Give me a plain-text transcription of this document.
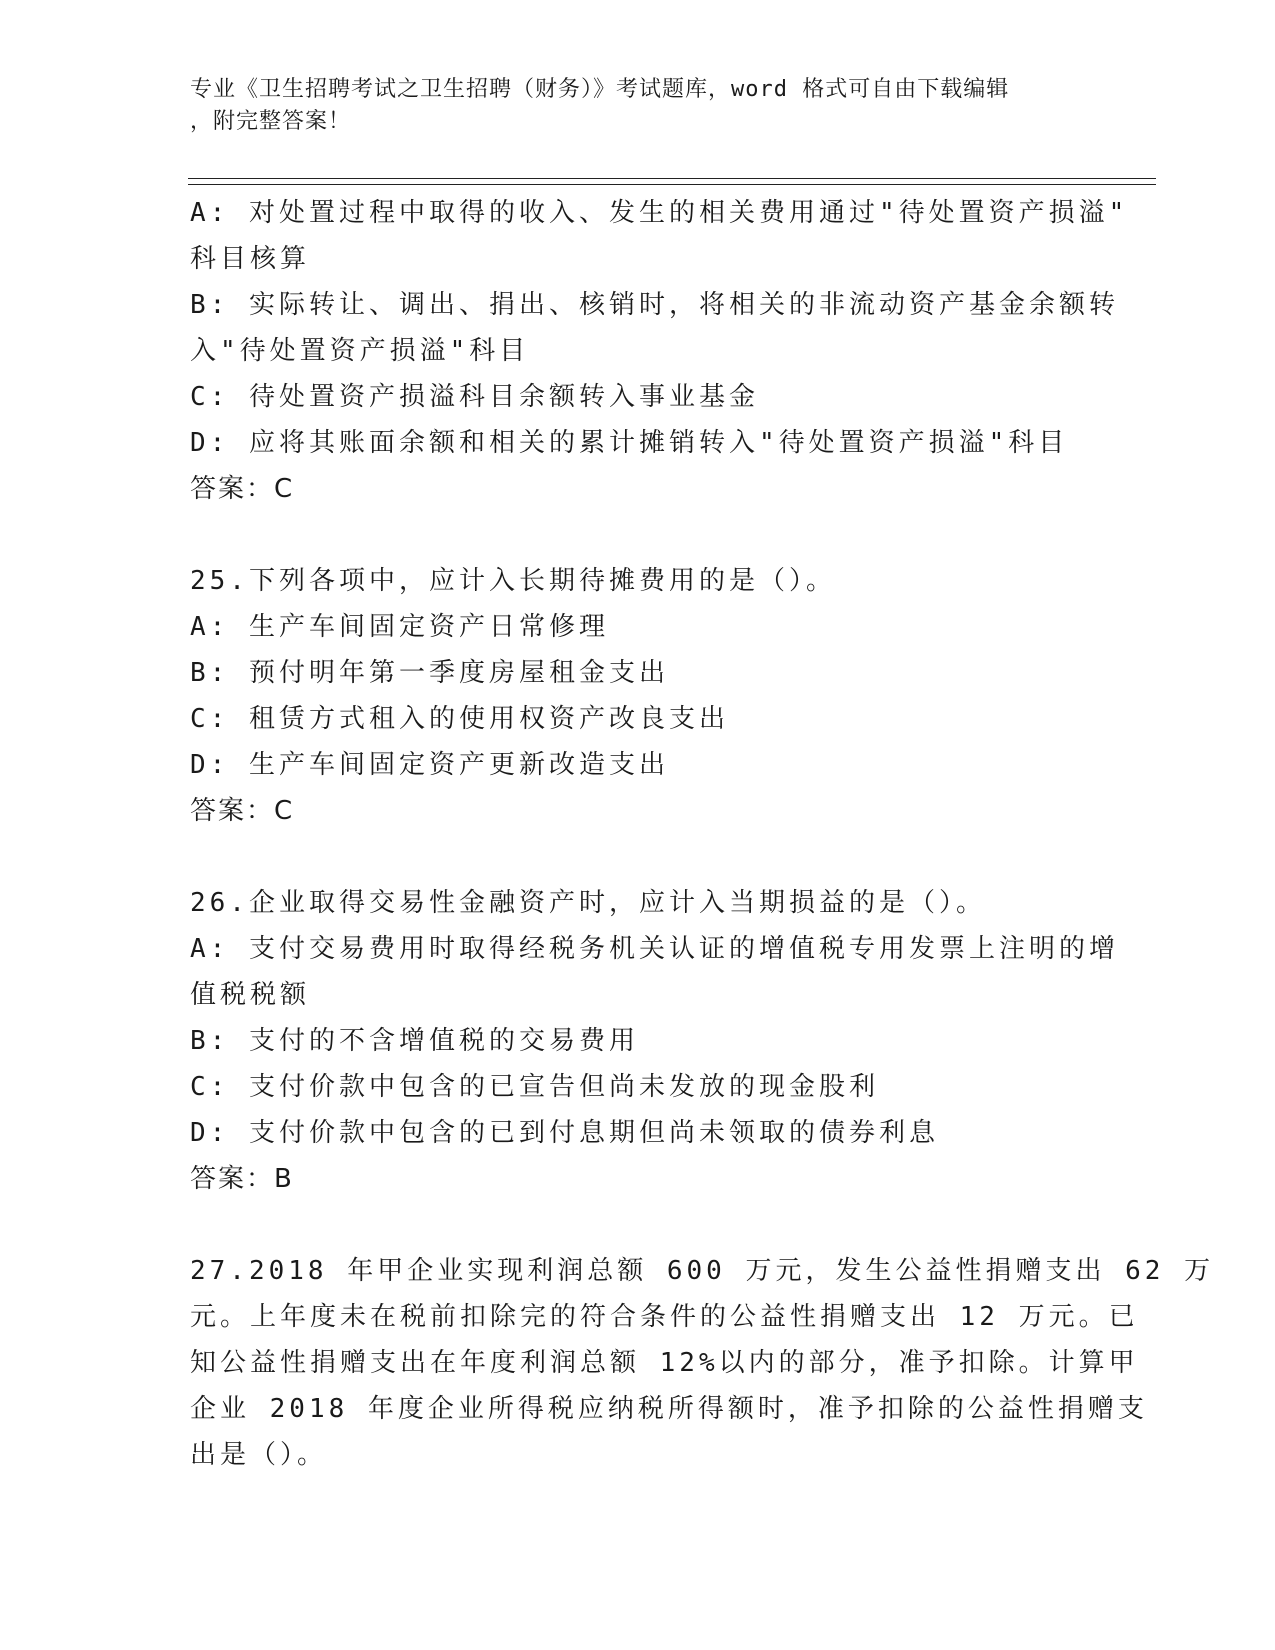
专业《卫生招聘考试之卫生招聘（财务）》考试题库，word 格式可自由下载编辑
，附完整答案！
A: 对处置过程中取得的收入、发生的相关费用通过"待处置资产损溢"
科目核算
B: 实际转让、调出、捐出、核销时，将相关的非流动资产基金余额转
入"待处置资产损溢"科目
C: 待处置资产损溢科目余额转入事业基金
D: 应将其账面余额和相关的累计摊销转入"待处置资产损溢"科目
答案：C
25.下列各项中，应计入长期待摊费用的是（）。
A: 生产车间固定资产日常修理
B: 预付明年第一季度房屋租金支出
C: 租赁方式租入的使用权资产改良支出
D: 生产车间固定资产更新改造支出
答案：C
26.企业取得交易性金融资产时，应计入当期损益的是（）。
A: 支付交易费用时取得经税务机关认证的增值税专用发票上注明的增
值税税额
B: 支付的不含增值税的交易费用
C: 支付价款中包含的已宣告但尚未发放的现金股利
D: 支付价款中包含的已到付息期但尚未领取的债券利息
答案：B
27.2018 年甲企业实现利润总额 600 万元，发生公益性捐赠支出 62 万
元。上年度未在税前扣除完的符合条件的公益性捐赠支出 12 万元。已
知公益性捐赠支出在年度利润总额 12%以内的部分，准予扣除。计算甲
企业 2018 年度企业所得税应纳税所得额时，准予扣除的公益性捐赠支
出是（）。
